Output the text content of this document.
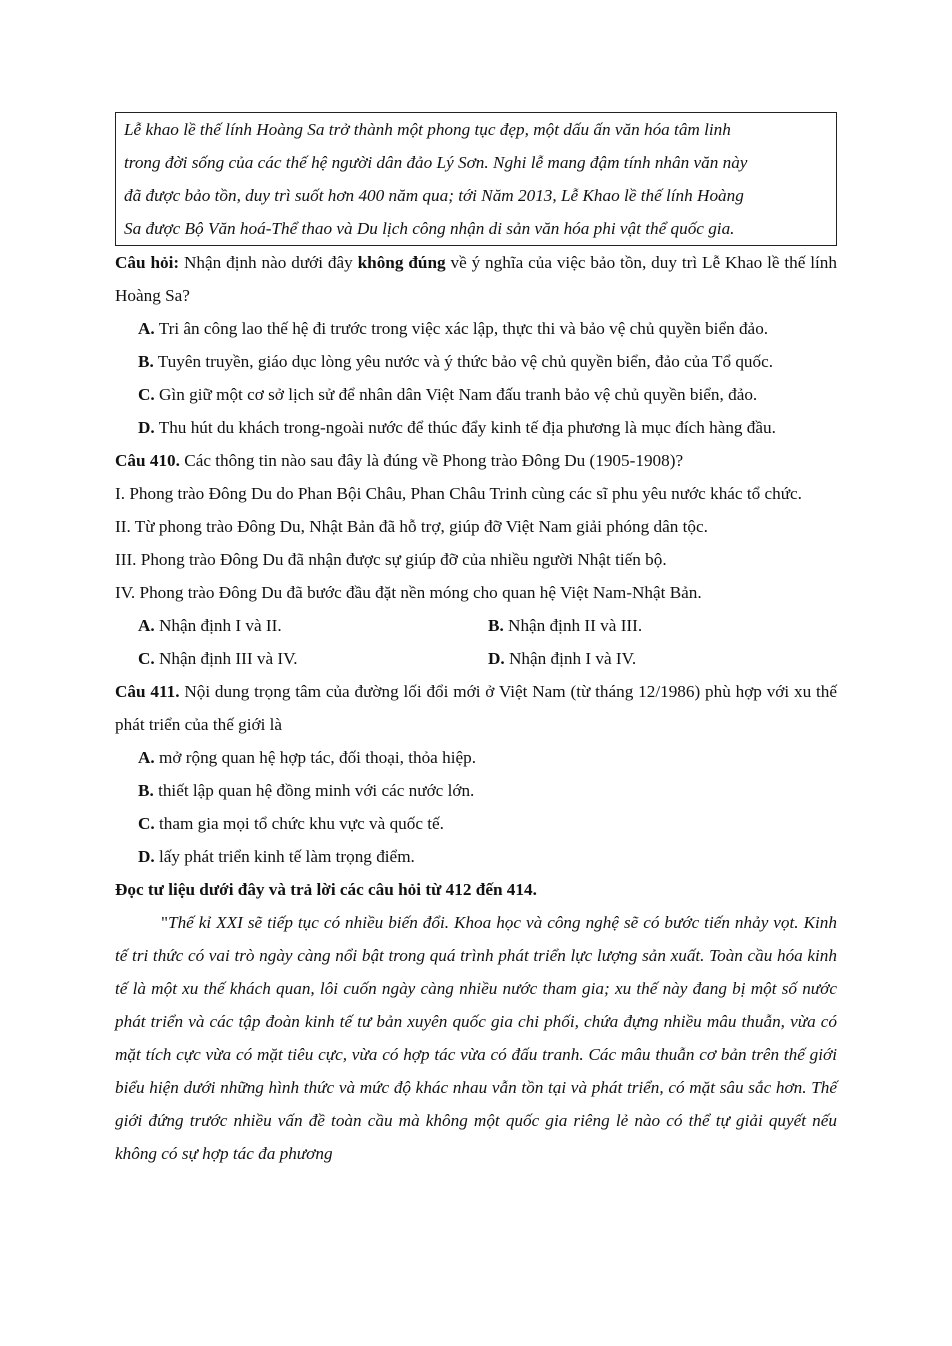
Lễ khao lề thế lính Hoàng Sa trở thành một phong tục đẹp, một dấu ấn văn hóa tâm linh

trong đời sống của các thế hệ người dân đảo Lý Sơn. Nghi lễ mang đậm tính nhân văn này

đã được bảo tồn, duy trì suốt hơn 400 năm qua; tới Năm 2013, Lễ Khao lề thế lính Hoàng

Sa được Bộ Văn hoá-Thể thao và Du lịch công nhận di sản văn hóa phi vật thể quốc gia.

Câu hỏi: Nhận định nào dưới đây không đúng về ý nghĩa của việc bảo tồn, duy trì Lễ Khao lề thế lính Hoàng Sa?

A. Tri ân công lao thế hệ đi trước trong việc xác lập, thực thi và bảo vệ chủ quyền biển đảo.

B. Tuyên truyền, giáo dục lòng yêu nước và ý thức bảo vệ chủ quyền biển, đảo của Tổ quốc.

C. Gìn giữ một cơ sở lịch sử để nhân dân Việt Nam đấu tranh bảo vệ chủ quyền biển, đảo.

D. Thu hút du khách trong-ngoài nước để thúc đẩy kinh tế địa phương là mục đích hàng đầu.

Câu 410. Các thông tin nào sau đây là đúng về Phong trào Đông Du (1905-1908)?

I. Phong trào Đông Du do Phan Bội Châu, Phan Châu Trinh cùng các sĩ phu yêu nước khác tổ chức.

II. Từ phong trào Đông Du, Nhật Bản đã hỗ trợ, giúp đỡ Việt Nam giải phóng dân tộc.

III. Phong trào Đông Du đã nhận được sự giúp đỡ của nhiều người Nhật tiến bộ.

IV. Phong trào Đông Du đã bước đầu đặt nền móng cho quan hệ Việt Nam-Nhật Bản.

A. Nhận định I và II.	B. Nhận định II và III.
C. Nhận định III và IV.	D. Nhận định I và IV.

Câu 411. Nội dung trọng tâm của đường lối đổi mới ở Việt Nam (từ tháng 12/1986) phù hợp với xu thế phát triển của thế giới là

A. mở rộng quan hệ hợp tác, đối thoại, thỏa hiệp.

B. thiết lập quan hệ đồng minh với các nước lớn.

C. tham gia mọi tổ chức khu vực và quốc tế.

D. lấy phát triển kinh tế làm trọng điểm.

Đọc tư liệu dưới đây và trả lời các câu hỏi từ 412 đến 414.

"Thế kỉ XXI sẽ tiếp tục có nhiều biến đổi. Khoa học và công nghệ sẽ có bước tiến nhảy vọt. Kinh tế tri thức có vai trò ngày càng nổi bật trong quá trình phát triển lực lượng sản xuất. Toàn cầu hóa kinh tế là một xu thế khách quan, lôi cuốn ngày càng nhiều nước tham gia; xu thế này đang bị một số nước phát triển và các tập đoàn kinh tế tư bản xuyên quốc gia chi phối, chứa đựng nhiều mâu thuẫn, vừa có mặt tích cực vừa có mặt tiêu cực, vừa có hợp tác vừa có đấu tranh. Các mâu thuẫn cơ bản trên thế giới biểu hiện dưới những hình thức và mức độ khác nhau vẫn tồn tại và phát triển, có mặt sâu sắc hơn. Thế giới đứng trước nhiều vấn đề toàn cầu mà không một quốc gia riêng lẻ nào có thể tự giải quyết nếu không có sự hợp tác đa phương
